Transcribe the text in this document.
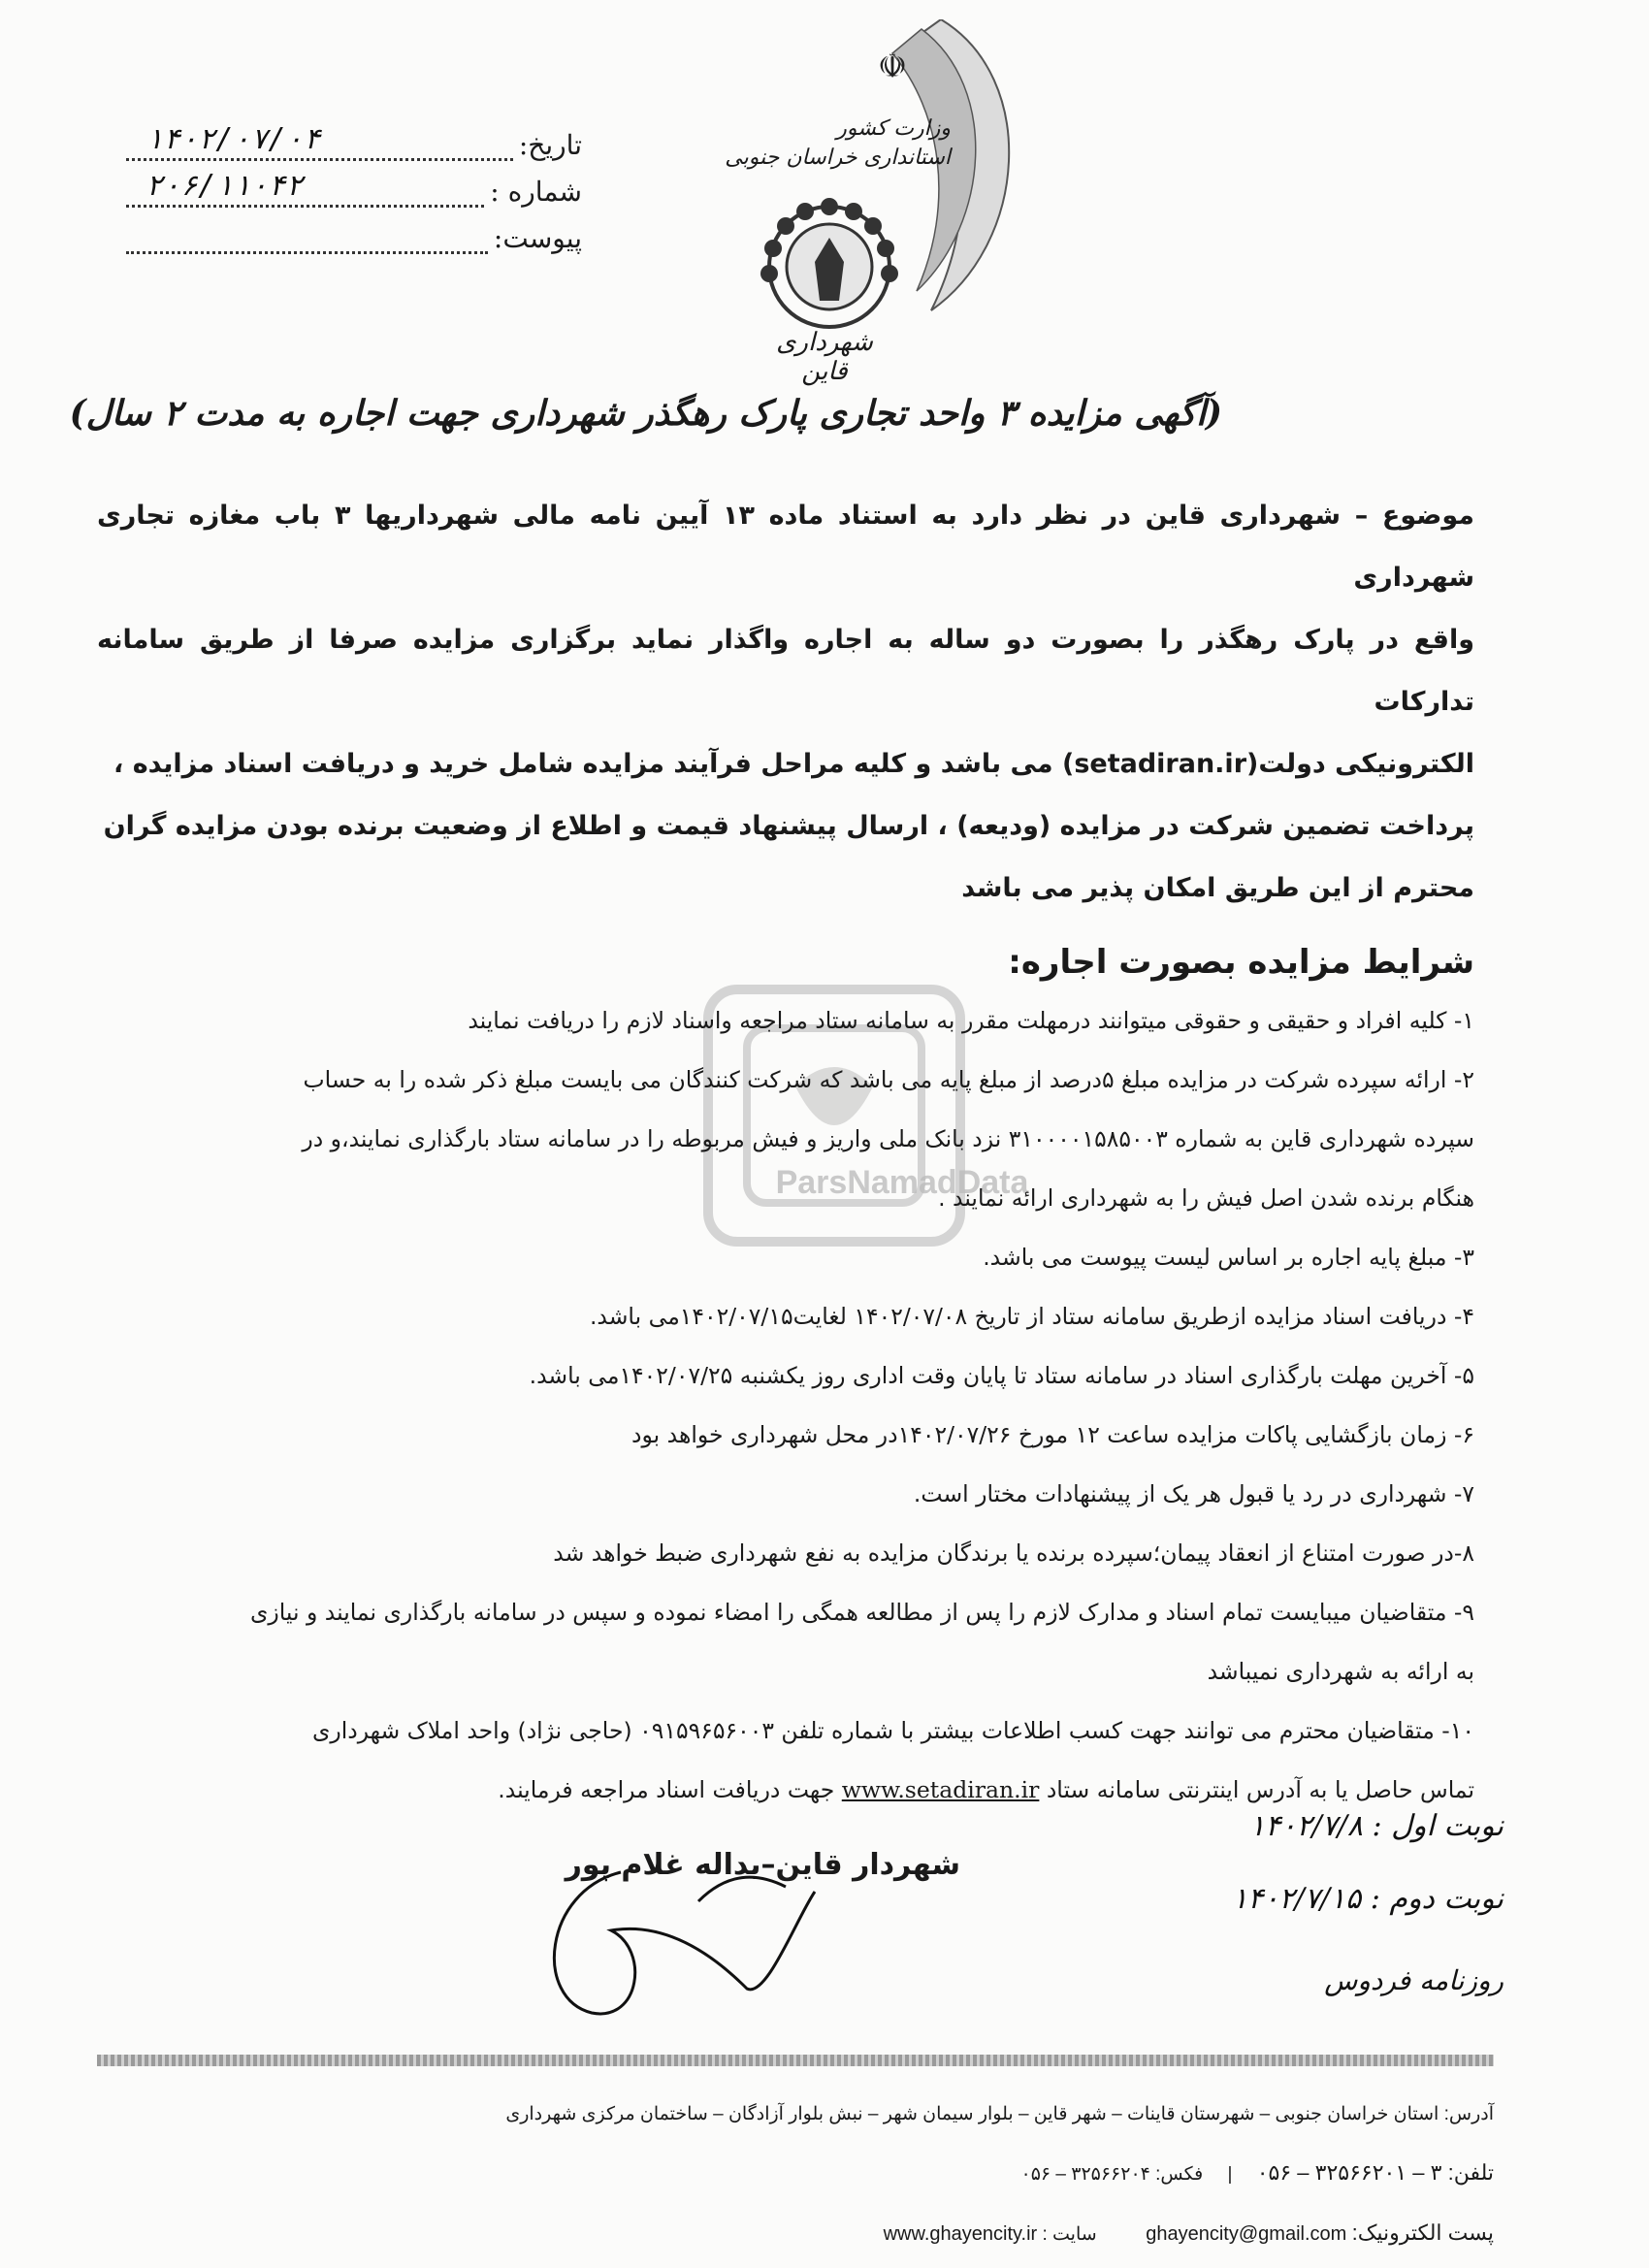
☫
وزارت کشور
استانداری خراسان جنوبی
شهرداری قاین
تاریخ:
۱۴۰۲/۰۷/۰۴
شماره :
۲۰۶/۱۱۰۴۲
پیوست:
(آگهی مزایده ۳ واحد تجاری پارک رهگذر شهرداری جهت اجاره به مدت ۲ سال)
ParsNamadData
موضوع – شهرداری قاین در نظر دارد به استناد ماده ۱۳ آیین نامه مالی شهرداریها ۳ باب مغازه تجاری شهرداری
واقع در پارک رهگذر را بصورت دو ساله به اجاره واگذار نماید برگزاری مزایده صرفا از طریق سامانه تدارکات
الکترونیکی دولت(setadiran.ir) می باشد و کلیه مراحل فرآیند مزایده شامل خرید و دریافت اسناد مزایده ،
پرداخت تضمین شرکت در مزایده (ودیعه) ، ارسال پیشنهاد قیمت و اطلاع از وضعیت برنده بودن مزایده گران
محترم از این طریق امکان پذیر می باشد
شرایط مزایده بصورت اجاره:
۱- کلیه افراد و حقیقی و حقوقی میتوانند درمهلت مقرر به سامانه ستاد مراجعه واسناد لازم را دریافت نمایند
۲- ارائه سپرده شرکت در مزایده مبلغ ۵درصد از مبلغ پایه می باشد که شرکت کنندگان می بایست مبلغ ذکر شده را به حساب
سپرده شهرداری قاین به شماره ۳۱۰۰۰۰۱۵۸۵۰۰۳ نزد بانک ملی واریز و فیش مربوطه را در سامانه ستاد بارگذاری نمایند،و در
هنگام برنده شدن اصل فیش را به شهرداری ارائه نمایند .
۳- مبلغ پایه اجاره بر اساس لیست پیوست می باشد.
۴- دریافت اسناد مزایده ازطریق سامانه ستاد از تاریخ ۱۴۰۲/۰۷/۰۸ لغایت۱۴۰۲/۰۷/۱۵می باشد.
۵- آخرین مهلت بارگذاری اسناد در سامانه ستاد تا پایان وقت اداری روز یکشنبه ۱۴۰۲/۰۷/۲۵می باشد.
۶- زمان بازگشایی پاکات مزایده ساعت ۱۲ مورخ ۱۴۰۲/۰۷/۲۶در محل شهرداری خواهد بود
۷- شهرداری در رد یا قبول هر یک از پیشنهادات مختار است.
۸-در صورت امتناع از انعقاد پیمان؛سپرده برنده یا برندگان مزایده به نفع شهرداری ضبط خواهد شد
۹- متقاضیان میبایست تمام اسناد و مدارک لازم را پس از مطالعه همگی را امضاء نموده و سپس در سامانه بارگذاری نمایند و نیازی
به ارائه به شهرداری نمیباشد
۱۰- متقاضیان محترم می توانند جهت کسب اطلاعات بیشتر با شماره تلفن ۰۹۱۵۹۶۵۶۰۰۳ (حاجی نژاد) واحد املاک شهرداری
تماس حاصل یا به آدرس اینترنتی سامانه ستاد www.setadiran.ir جهت دریافت اسناد مراجعه فرمایند.
شهردار قاین–یداله غلام پور
نوبت اول : ۱۴۰۲/۷/۸
نوبت دوم : ۱۴۰۲/۷/۱۵
روزنامه فردوس
آدرس: استان خراسان جنوبی – شهرستان قاینات – شهر قاین – بلوار سیمان شهر – نبش بلوار آزادگان – ساختمان مرکزی شهرداری
تلفن: ۳ – ۳۲۵۶۶۲۰۱ – ۰۵۶ | فکس: ۳۲۵۶۶۲۰۴ – ۰۵۶
پست الکترونیک: ghayencity@gmail.com  سایت : www.ghayencity.ir
